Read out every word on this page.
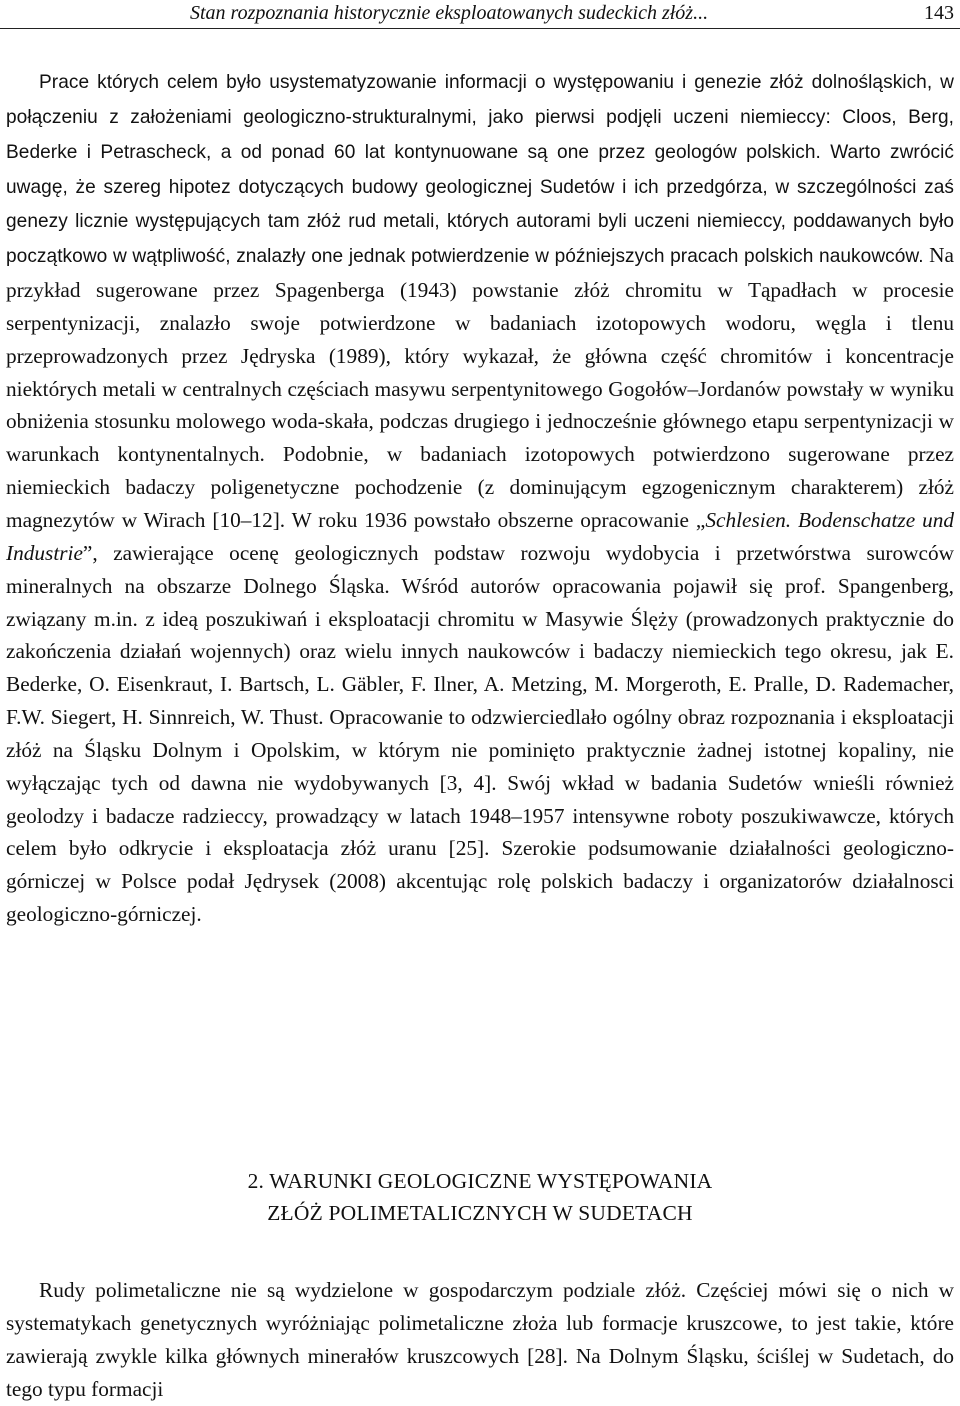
Stan rozpoznania historycznie eksploatowanych sudeckich złóż...	143

Prace których celem było usystematyzowanie informacji o występowaniu i genezie złóż dolnośląskich, w połączeniu z założeniami geologiczno-strukturalnymi, jako pierwsi podjęli uczeni niemieccy: Cloos, Berg, Bederke i Petrascheck, a od ponad 60 lat kontynuowane są one przez geologów polskich. Warto zwrócić uwagę, że szereg hipotez dotyczących budowy geologicznej Sudetów i ich przedgórza, w szczególności zaś genezy licznie występujących tam złóż rud metali, których autorami byli uczeni niemieccy, poddawanych było początkowo w wątpliwość, znalazły one jednak potwierdzenie w późniejszych pracach polskich naukowców. Na przykład sugerowane przez Spagenberga (1943) powstanie złóż chromitu w Tąpadłach w procesie serpentynizacji, znalazło swoje potwierdzone w badaniach izotopowych wodoru, węgla i tlenu przeprowadzonych przez Jędryska (1989), który wykazał, że główna część chromitów i koncentracje niektórych metali w centralnych częściach masywu serpentynitowego Gogołów–Jordanów powstały w wyniku obniżenia stosunku molowego woda-skała, podczas drugiego i jednocześnie głównego etapu serpentynizacji w warunkach kontynentalnych. Podobnie, w badaniach izotopowych potwierdzono sugerowane przez niemieckich badaczy poligenetyczne pochodzenie (z dominującym egzogenicznym charakterem) złóż magnezytów w Wirach [10–12]. W roku 1936 powstało obszerne opracowanie „Schlesien. Bodenschatze und Industrie”, zawierające ocenę geologicznych podstaw rozwoju wydobycia i przetwórstwa surowców mineralnych na obszarze Dolnego Śląska. Wśród autorów opracowania pojawił się prof. Spangenberg, związany m.in. z ideą poszukiwań i eksploatacji chromitu w Masywie Ślęży (prowadzonych praktycznie do zakończenia działań wojennych) oraz wielu innych naukowców i badaczy niemieckich tego okresu, jak E. Bederke, O. Eisenkraut, I. Bartsch, L. Gäbler, F. Ilner, A. Metzing, M. Morgeroth, E. Pralle, D. Rademacher, F.W. Siegert, H. Sinnreich, W. Thust. Opracowanie to odzwierciedlało ogólny obraz rozpoznania i eksploatacji złóż na Śląsku Dolnym i Opolskim, w którym nie pominięto praktycznie żadnej istotnej kopaliny, nie wyłączając tych od dawna nie wydobywanych [3, 4]. Swój wkład w badania Sudetów wnieśli również geolodzy i badacze radzieccy, prowadzący w latach 1948–1957 intensywne roboty poszukiwawcze, których celem było odkrycie i eksploatacja złóż uranu [25]. Szerokie podsumowanie działalności geologiczno-górniczej w Polsce podał Jędrysek (2008) akcentując rolę polskich badaczy i organizatorów działalnosci geologiczno-górniczej.

2. WARUNKI GEOLOGICZNE WYSTĘPOWANIA
ZŁÓŻ POLIMETALICZNYCH W SUDETACH

Rudy polimetaliczne nie są wydzielone w gospodarczym podziale złóż. Częściej mówi się o nich w systematykach genetycznych wyróżniając polimetaliczne złoża lub formacje kruszcowe, to jest takie, które zawierają zwykle kilka głównych minerałów kruszcowych [28]. Na Dolnym Śląsku, ściślej w Sudetach, do tego typu formacji
